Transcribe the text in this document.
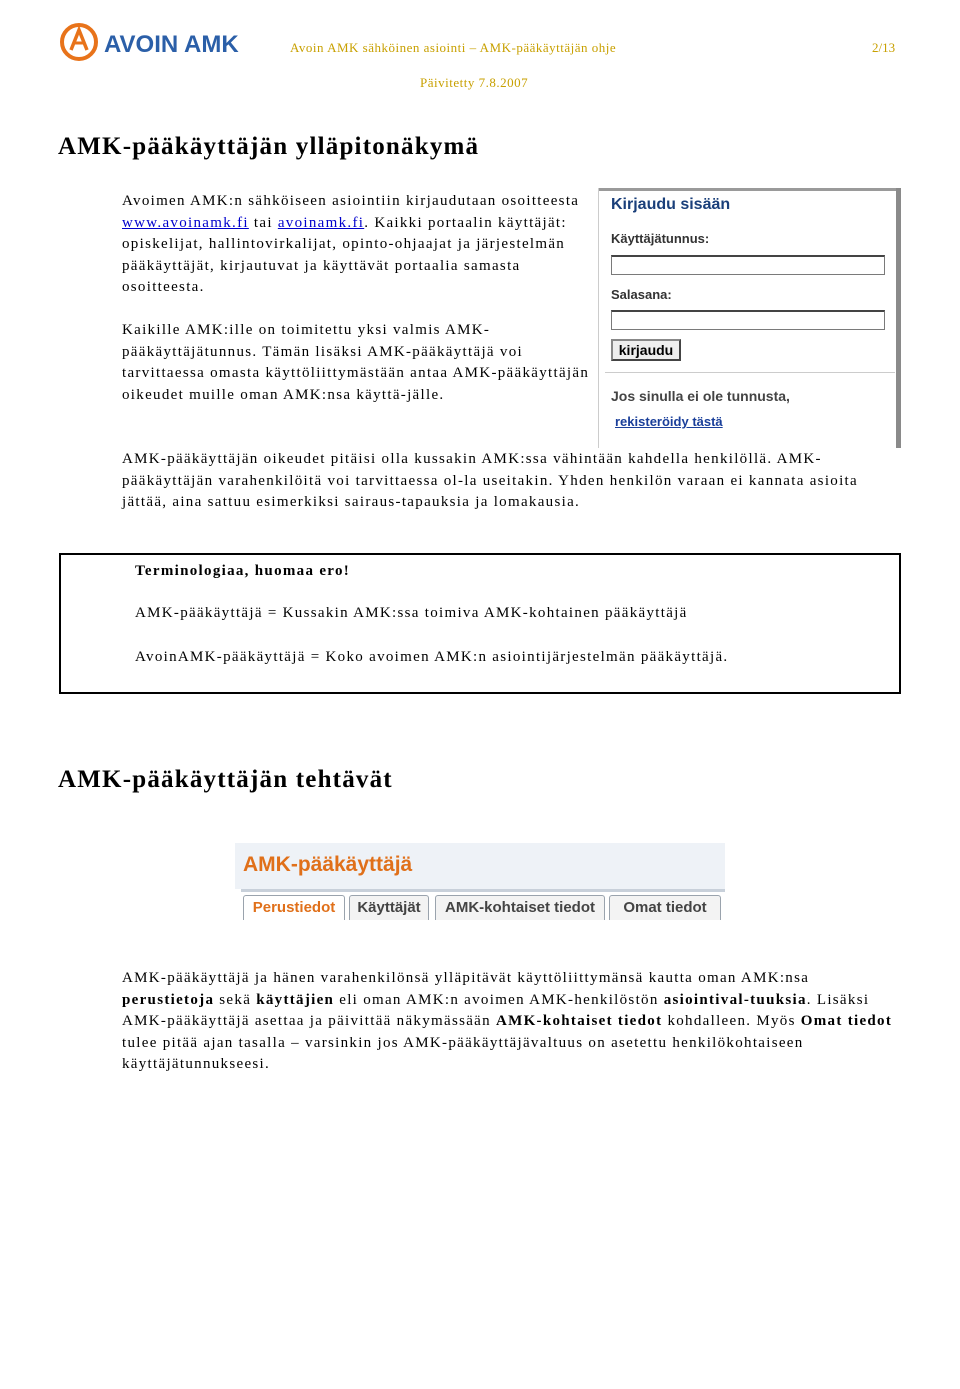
AVOIN AMK	Avoin AMK sähköinen asiointi – AMK-pääkäyttäjän ohje	2/13
Päivitetty 7.8.2007
AMK-pääkäyttäjän ylläpitonäkymä

Avoimen AMK:n sähköiseen asiointiin kirjaudutaan osoitteesta www.avoinamk.fi tai avoinamk.fi. Kaikki portaalin käyttäjät: opiskelijat, hallintovirkalijat, opinto-ohjaajat ja järjestelmän pääkäyttäjät, kirjautuvat ja käyttävät portaalia samasta osoitteesta.

Kaikille AMK:ille on toimitettu yksi valmis AMK-pääkäyttäjätunnus. Tämän lisäksi AMK-pääkäyttäjä voi tarvittaessa omasta käyttöliittymästään antaa AMK-pääkäyttäjän oikeudet muille oman AMK:nsa käyttä-jälle.

AMK-pääkäyttäjän oikeudet pitäisi olla kussakin AMK:ssa vähintään kahdella henkilöllä. AMK-pääkäyttäjän varahenkilöitä voi tarvittaessa ol-la useitakin. Yhden henkilön varaan ei kannata asioita jättää, aina sattuu esimerkiksi sairaus-tapauksia ja lomakausia.

Kirjaudu sisään
Käyttäjätunnus:
Salasana:
kirjaudu
Jos sinulla ei ole tunnusta,
rekisteröidy tästä
Terminologiaa, huomaa ero!
AMK-pääkäyttäjä = Kussakin AMK:ssa toimiva AMK-kohtainen pääkäyttäjä
AvoinAMK-pääkäyttäjä = Koko avoimen AMK:n asiointijärjestelmän pääkäyttäjä.
AMK-pääkäyttäjän tehtävät
AMK-pääkäyttäjä
Perustiedot	Käyttäjät	AMK-kohtaiset tiedot	Omat tiedot

AMK-pääkäyttäjä ja hänen varahenkilönsä ylläpitävät käyttöliittymänsä kautta oman AMK:nsa perustietoja sekä käyttäjien eli oman AMK:n avoimen AMK-henkilöstön asiointival-tuuksia. Lisäksi AMK-pääkäyttäjä asettaa ja päivittää näkymässään AMK-kohtaiset tiedot kohdalleen. Myös Omat tiedot tulee pitää ajan tasalla – varsinkin jos AMK-pääkäyttäjävaltuus on asetettu henkilökohtaiseen käyttäjätunnukseesi.
